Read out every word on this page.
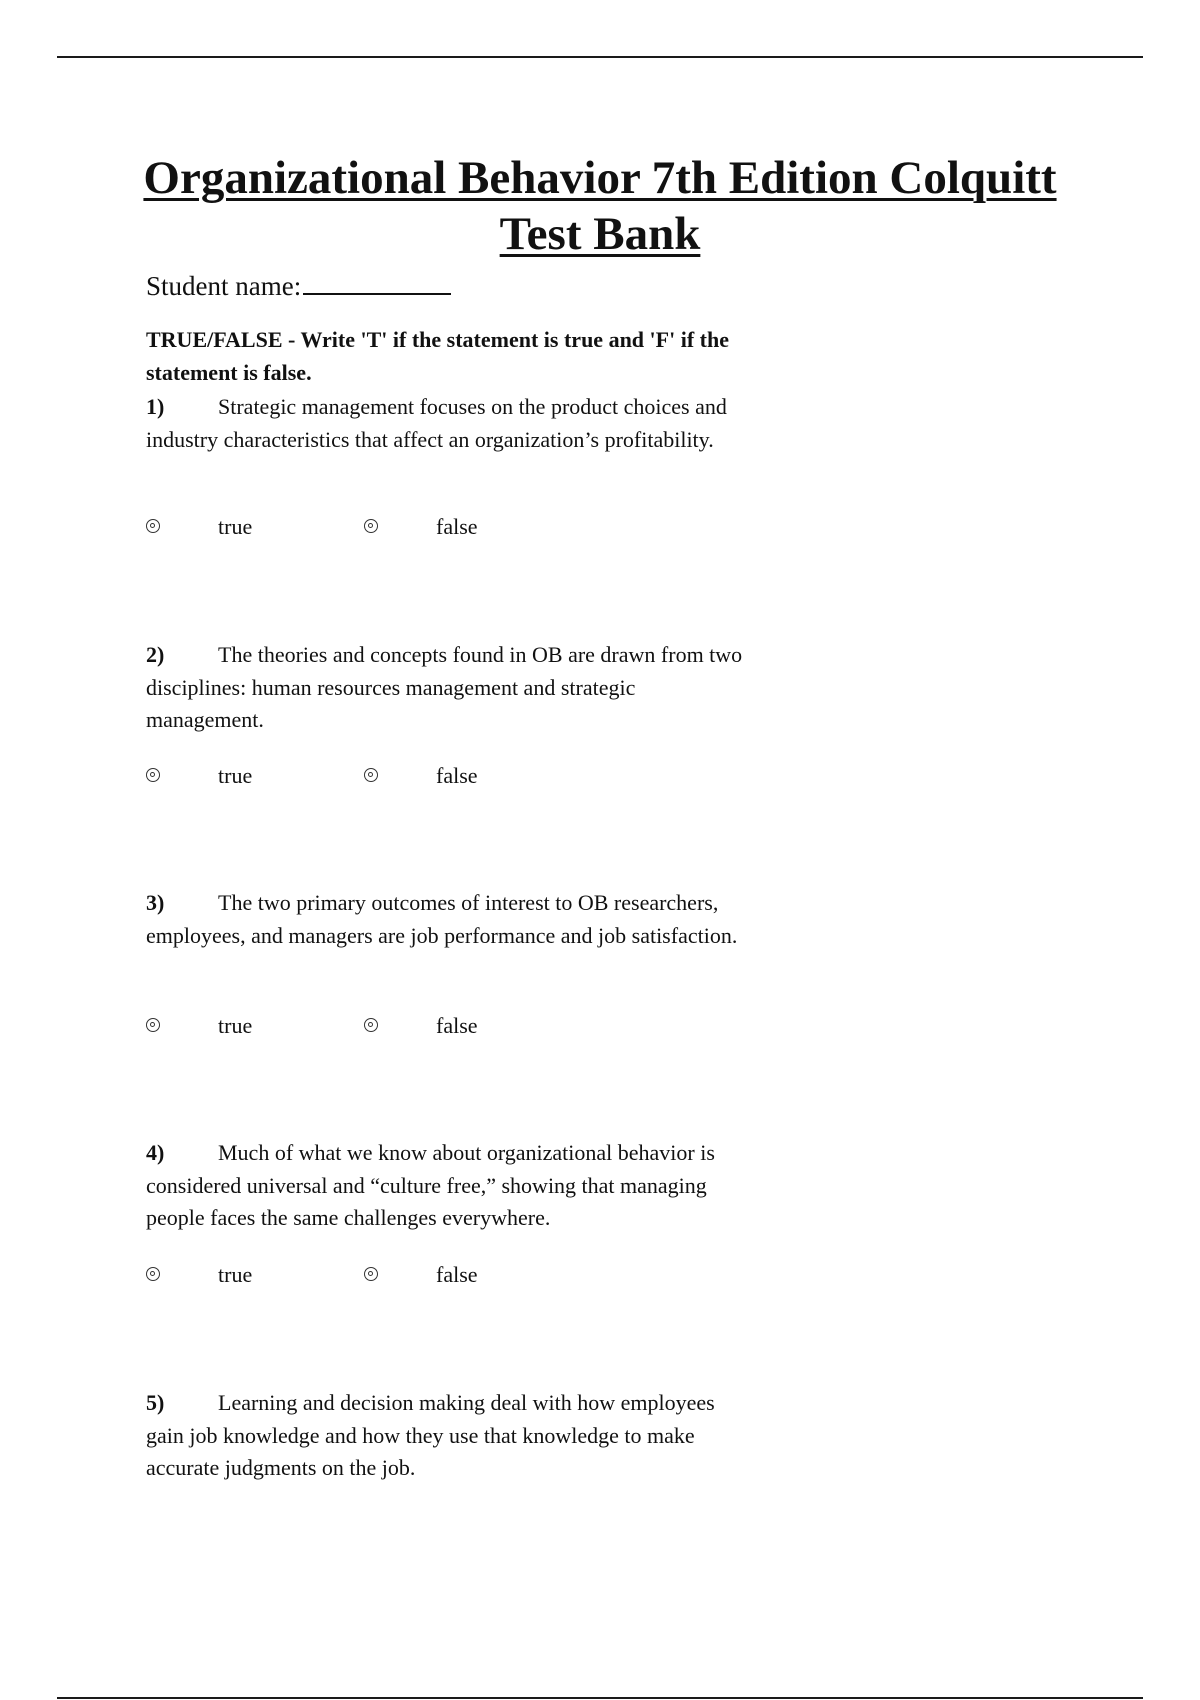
Organizational Behavior 7th Edition Colquitt Test Bank
Student name:
TRUE/FALSE - Write 'T' if the statement is true and 'F' if the statement is false.
1) Strategic management focuses on the product choices and industry characteristics that affect an organization’s profitability.
true	false
2) The theories and concepts found in OB are drawn from two disciplines: human resources management and strategic management.
true	false
3) The two primary outcomes of interest to OB researchers, employees, and managers are job performance and job satisfaction.
true	false
4) Much of what we know about organizational behavior is considered universal and “culture free,” showing that managing people faces the same challenges everywhere.
true	false
5) Learning and decision making deal with how employees gain job knowledge and how they use that knowledge to make accurate judgments on the job.
